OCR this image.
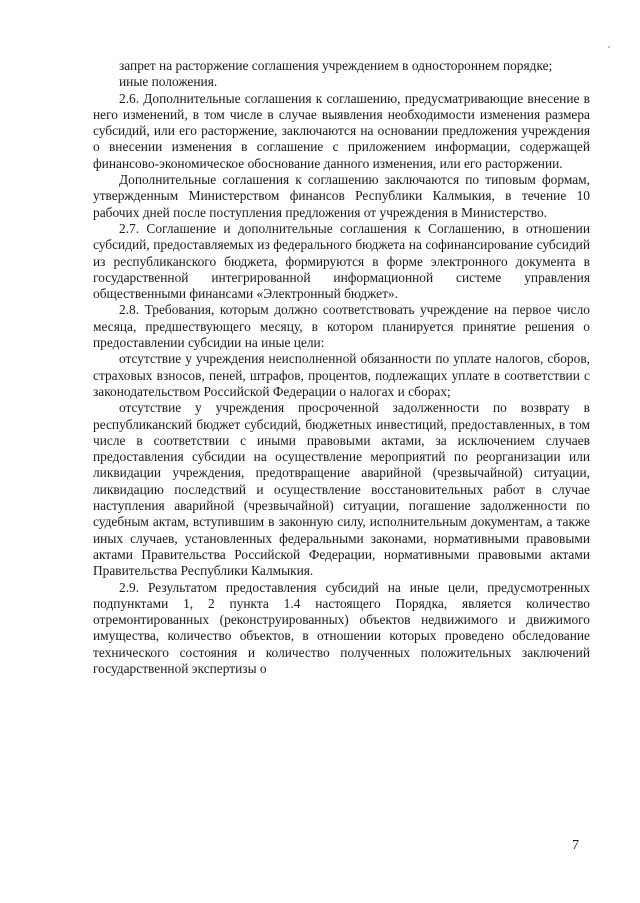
запрет на расторжение соглашения учреждением в одностороннем порядке;

иные положения.

2.6. Дополнительные соглашения к соглашению, предусматривающие внесение в него изменений, в том числе в случае выявления необходимости изменения размера субсидий, или его расторжение, заключаются на основании предложения учреждения о внесении изменения в соглашение с приложением информации, содержащей финансово-экономическое обоснование данного изменения, или его расторжении.

Дополнительные соглашения к соглашению заключаются по типовым формам, утвержденным Министерством финансов Республики Калмыкия, в течение 10 рабочих дней после поступления предложения от учреждения в Министерство.

2.7. Соглашение и дополнительные соглашения к Соглашению, в отношении субсидий, предоставляемых из федерального бюджета на софинансирование субсидий из республиканского бюджета, формируются в форме электронного документа в государственной интегрированной информационной системе управления общественными финансами «Электронный бюджет».

2.8. Требования, которым должно соответствовать учреждение на первое число месяца, предшествующего месяцу, в котором планируется принятие решения о предоставлении субсидии на иные цели:

отсутствие у учреждения неисполненной обязанности по уплате налогов, сборов, страховых взносов, пеней, штрафов, процентов, подлежащих уплате в соответствии с законодательством Российской Федерации о налогах и сборах;

отсутствие у учреждения просроченной задолженности по возврату в республиканский бюджет субсидий, бюджетных инвестиций, предоставленных, в том числе в соответствии с иными правовыми актами, за исключением случаев предоставления субсидии на осуществление мероприятий по реорганизации или ликвидации учреждения, предотвращение аварийной (чрезвычайной) ситуации, ликвидацию последствий и осуществление восстановительных работ в случае наступления аварийной (чрезвычайной) ситуации, погашение задолженности по судебным актам, вступившим в законную силу, исполнительным документам, а также иных случаев, установленных федеральными законами, нормативными правовыми актами Правительства Российской Федерации, нормативными правовыми актами Правительства Республики Калмыкия.

2.9. Результатом предоставления субсидий на иные цели, предусмотренных подпунктами 1, 2 пункта 1.4 настоящего Порядка, является количество отремонтированных (реконструированных) объектов недвижимого и движимого имущества, количество объектов, в отношении которых проведено обследование технического состояния и количество полученных положительных заключений государственной экспертизы о

7
